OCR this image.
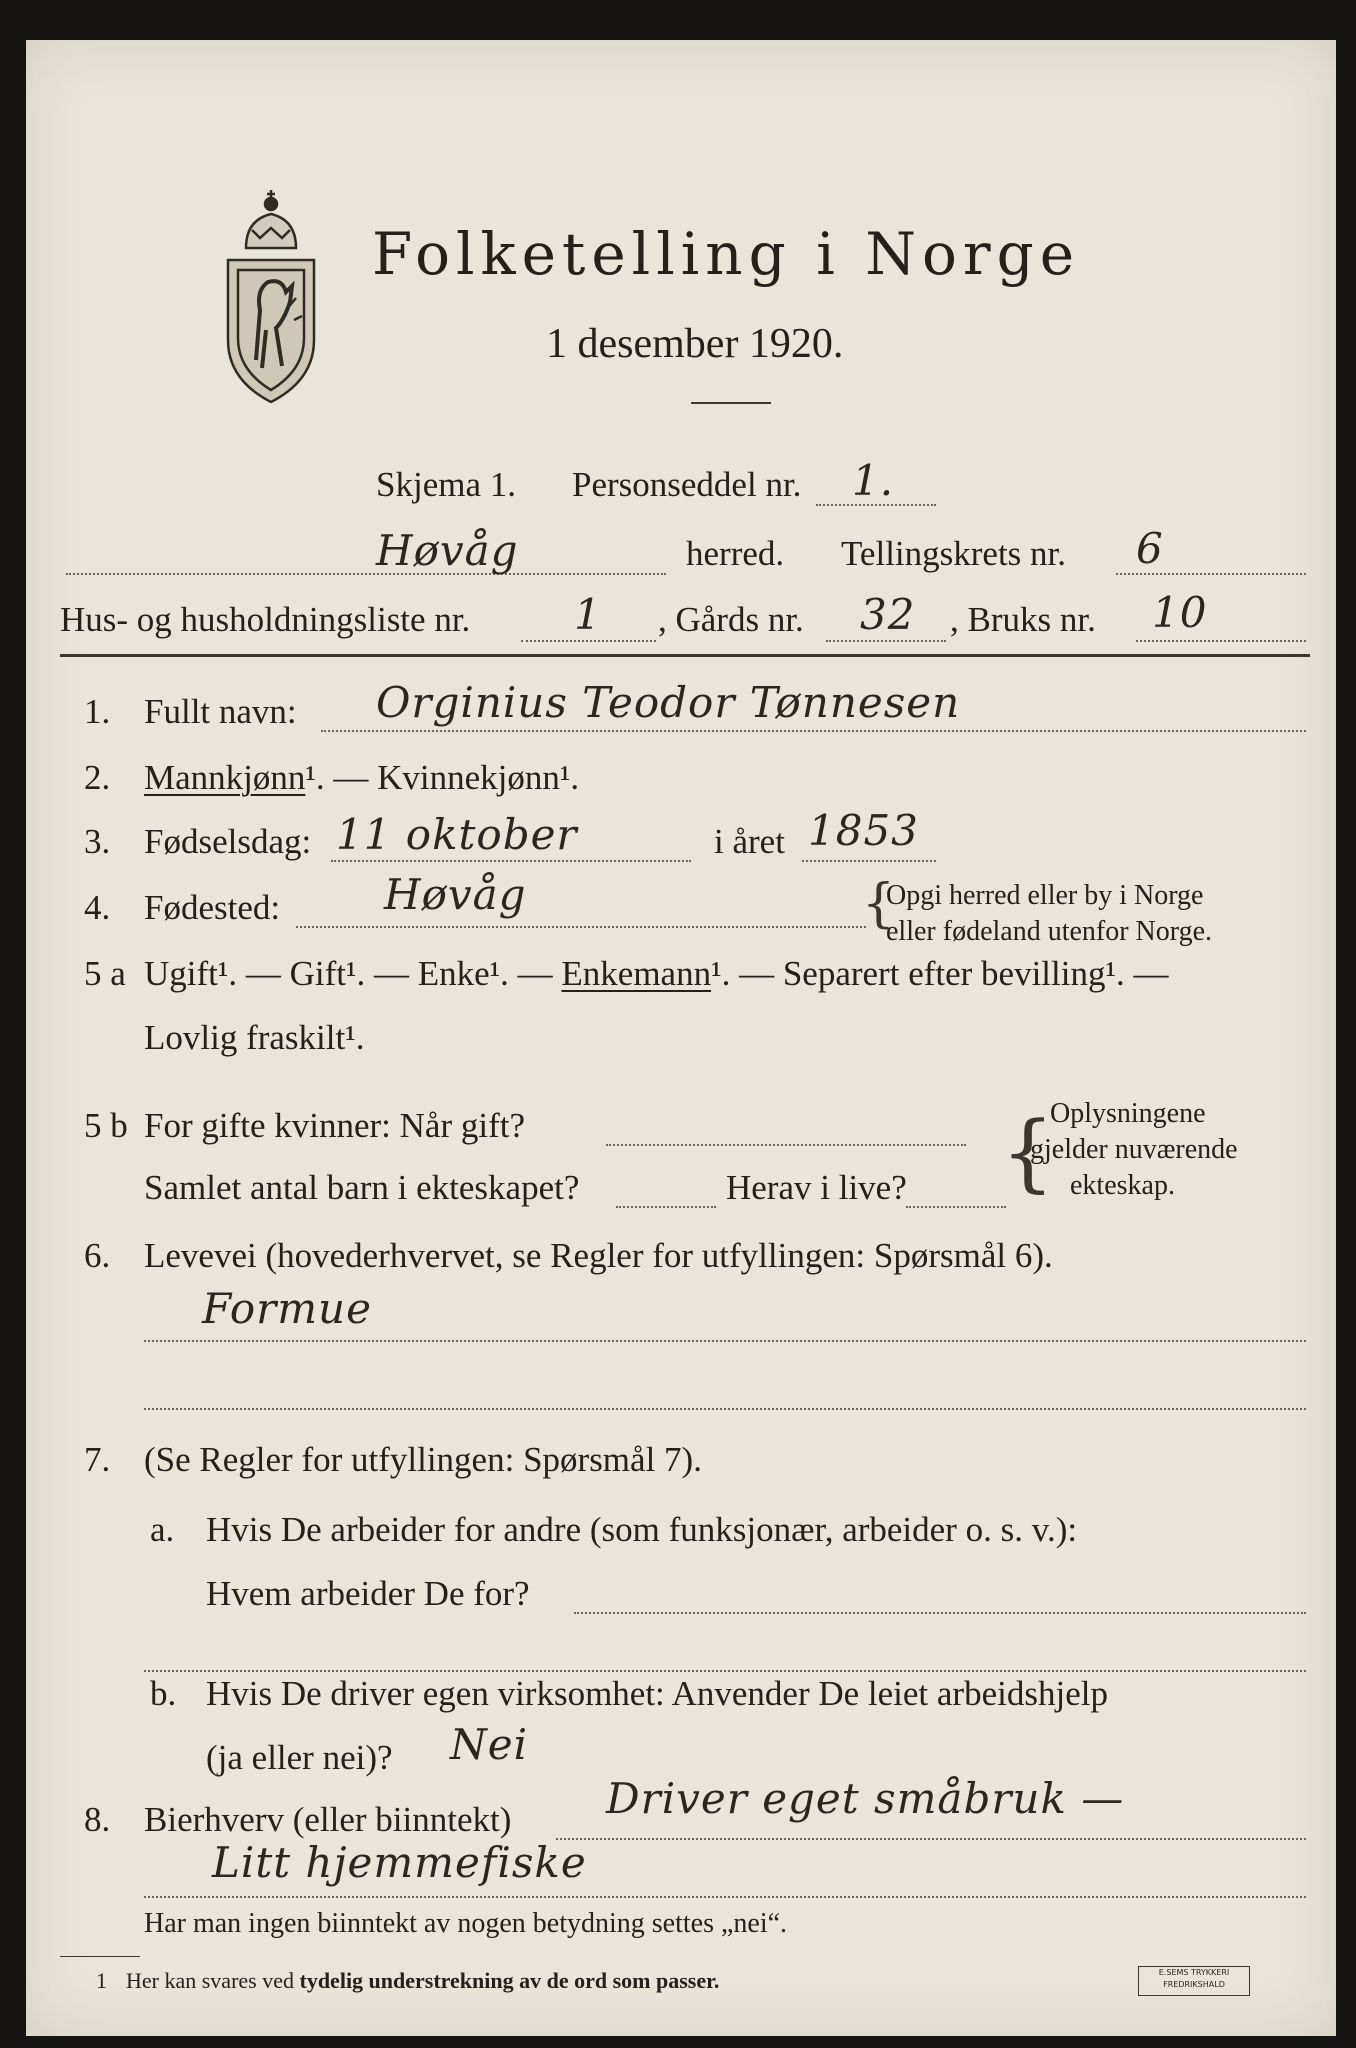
Folketelling i Norge
1 desember 1920.
Skjema 1. Personseddel nr. 1.
Høvåg	herred. Tellingskrets nr. 6
Hus- og husholdningsliste nr. 1 , Gårds nr. 32 , Bruks nr. 10
1. Fullt navn: Orginius Teodor Tønnesen
2. Mannkjønn¹. — Kvinnekjønn¹.
3. Fødselsdag: 11 oktober	i året 1853
4. Fødested: Høvåg	{
Opgi herred eller by i Norge
eller fødeland utenfor Norge.
5 a Ugift¹. — Gift¹. — Enke¹. — Enkemann¹. — Separert efter bevilling¹. —
Lovlig fraskilt¹.
5 b For gifte kvinner: Når gift?
Samlet antal barn i ekteskapet?	Herav i live? {
Oplysningene
gjelder nuværende
ekteskap.
6. Levevei (hovederhvervet, se Regler for utfyllingen: Spørsmål 6).
Formue
7. (Se Regler for utfyllingen: Spørsmål 7).
a. Hvis De arbeider for andre (som funksjonær, arbeider o. s. v.):
Hvem arbeider De for?
b. Hvis De driver egen virksomhet: Anvender De leiet arbeidshjelp
(ja eller nei)? Nei
8. Bierhverv (eller biinntekt) Driver eget småbruk —
Litt hjemmefiske
Har man ingen biinntekt av nogen betydning settes „nei“.
1 Her kan svares ved tydelig understrekning av de ord som passer.	E.SEMS TRYKKERI
FREDRIKSHALD
